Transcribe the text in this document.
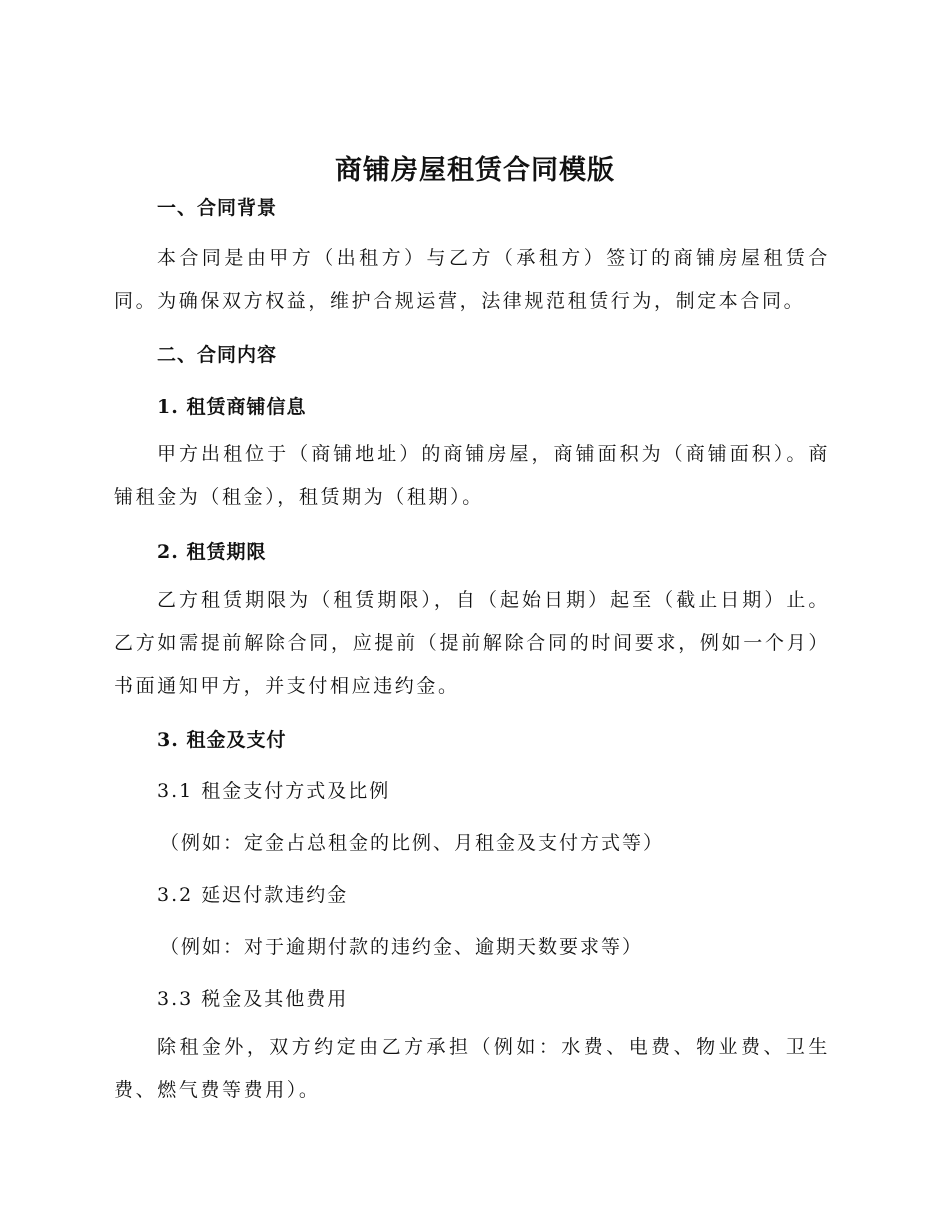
商铺房屋租赁合同模版
一、合同背景

本合同是由甲方（出租方）与乙方（承租方）签订的商铺房屋租赁合同。为确保双方权益，维护合规运营，法律规范租赁行为，制定本合同。

二、合同内容
1. 租赁商铺信息

甲方出租位于（商铺地址）的商铺房屋，商铺面积为（商铺面积）。商铺租金为（租金），租赁期为（租期）。

2. 租赁期限

乙方租赁期限为（租赁期限），自（起始日期）起至（截止日期）止。乙方如需提前解除合同，应提前（提前解除合同的时间要求，例如一个月）书面通知甲方，并支付相应违约金。

3. 租金及支付

3.1 租金支付方式及比例

（例如：定金占总租金的比例、月租金及支付方式等）

3.2 延迟付款违约金

（例如：对于逾期付款的违约金、逾期天数要求等）

3.3 税金及其他费用

除租金外，双方约定由乙方承担（例如：水费、电费、物业费、卫生费、燃气费等费用）。
